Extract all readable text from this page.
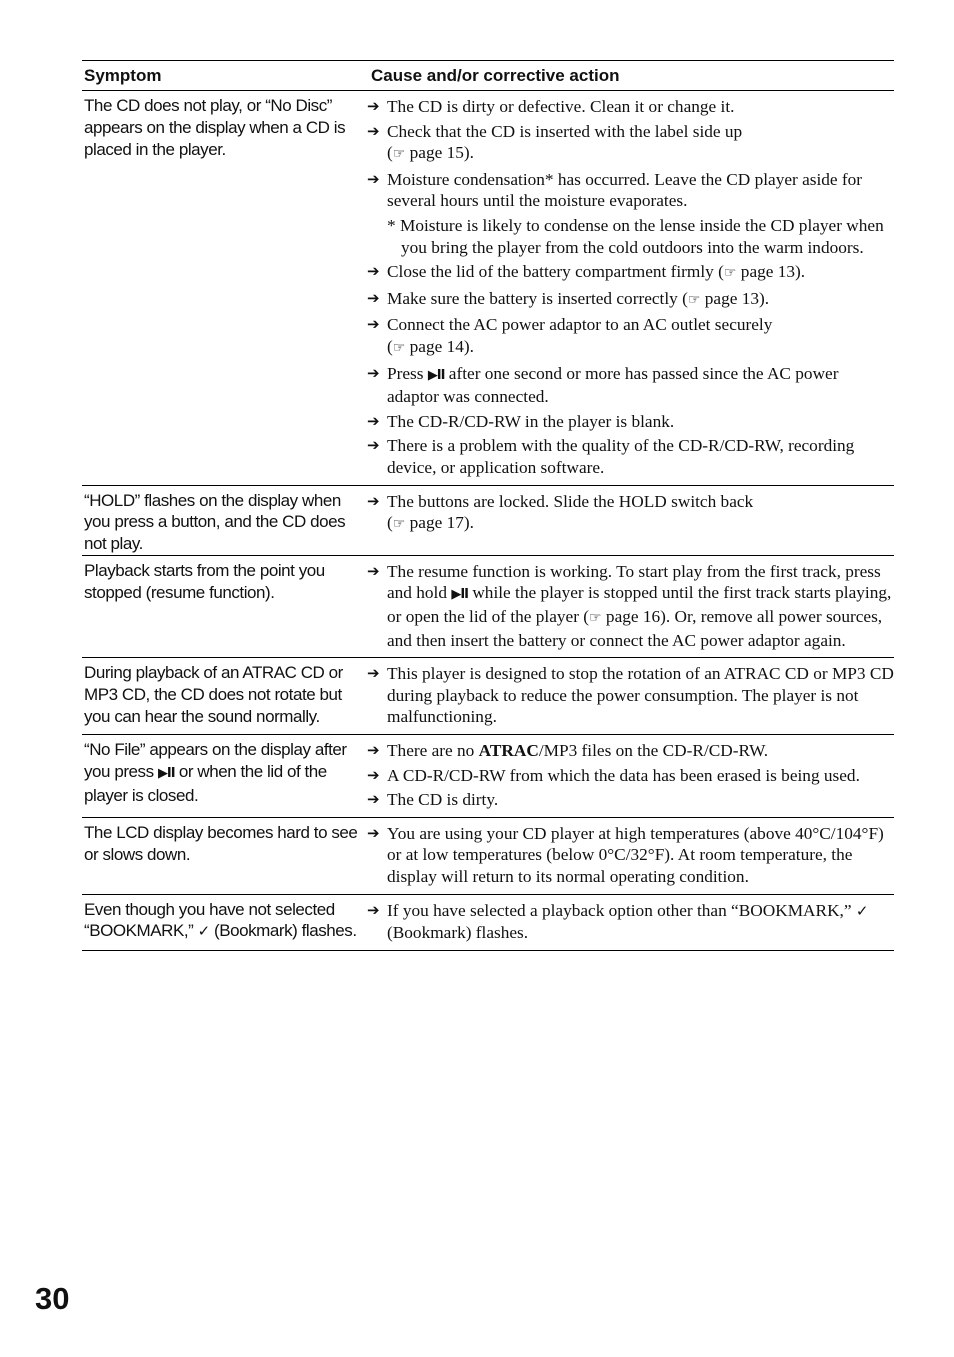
Symptom	Cause and/or corrective action
The CD does not play, or “No Disc” appears on the display when a CD is placed in the player.
➔ The CD is dirty or defective. Clean it or change it.
➔ Check that the CD is inserted with the label side up
(☞ page 15).
➔ Moisture condensation* has occurred. Leave the CD player aside for several hours until the moisture evaporates.
* Moisture is likely to condense on the lense inside the CD player when you bring the player from the cold outdoors into the warm indoors.
➔ Close the lid of the battery compartment firmly (☞ page 13).
➔ Make sure the battery is inserted correctly (☞ page 13).
➔ Connect the AC power adaptor to an AC outlet securely
(☞ page 14).
➔ Press ▶II after one second or more has passed since the AC power adaptor was connected.
➔ The CD-R/CD-RW in the player is blank.
➔ There is a problem with the quality of the CD-R/CD-RW, recording device, or application software.
“HOLD” flashes on the display when you press a button, and the CD does not play.
➔ The buttons are locked. Slide the HOLD switch back
(☞ page 17).
Playback starts from the point you stopped (resume function).
➔ The resume function is working. To start play from the first track, press and hold ▶II while the player is stopped until the first track starts playing, or open the lid of the player (☞ page 16). Or, remove all power sources, and then insert the battery or connect the AC power adaptor again.
During playback of an ATRAC CD or MP3 CD, the CD does not rotate but you can hear the sound normally.
➔ This player is designed to stop the rotation of an ATRAC CD or MP3 CD during playback to reduce the power consumption. The player is not malfunctioning.
“No File” appears on the display after you press ▶II or when the lid of the player is closed.
➔ There are no ATRAC/MP3 files on the CD-R/CD-RW.
➔ A CD-R/CD-RW from which the data has been erased is being used.
➔ The CD is dirty.
The LCD display becomes hard to see or slows down.
➔ You are using your CD player at high temperatures (above 40°C/104°F) or at low temperatures (below 0°C/32°F). At room temperature, the display will return to its normal operating condition.
Even though you have not selected “BOOKMARK,” ✓ (Bookmark) flashes.
➔ If you have selected a playback option other than “BOOKMARK,” ✓ (Bookmark) flashes.
30
